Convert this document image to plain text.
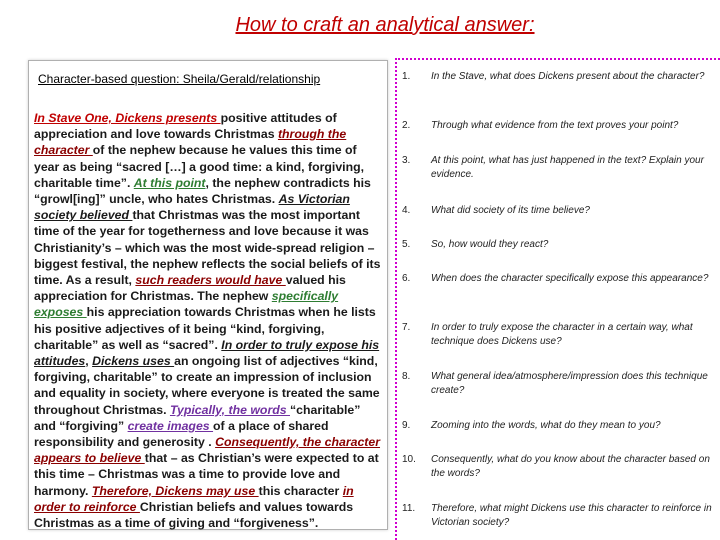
How to craft an analytical answer:
Character-based question: Sheila/Gerald/relationship
In Stave One, Dickens presents positive attitudes of appreciation and love towards Christmas through the character of the nephew because he values this time of year as being “sacred […] a good time: a kind, forgiving, charitable time”. At this point, the nephew contradicts his “growl[ing]” uncle, who hates Christmas. As Victorian society believed that Christmas was the most important time of the year for togetherness and love because it was Christianity’s – which was the most wide-spread religion – biggest festival, the nephew reflects the social beliefs of its time. As a result, such readers would have valued his appreciation for Christmas. The nephew specifically exposes his appreciation towards Christmas when he lists his positive adjectives of it being “kind, forgiving, charitable” as well as “sacred”. In order to truly expose his attitudes, Dickens uses an ongoing list of adjectives “kind, forgiving, charitable” to create an impression of inclusion and equality in society, where everyone is treated the same throughout Christmas. Typically, the words “charitable” and “forgiving” create images of a place of shared responsibility and generosity . Consequently, the character appears to believe that – as Christian’s were expected to at this time – Christmas was a time to provide love and harmony. Therefore, Dickens may use this character in order to reinforce Christian beliefs and values towards Christmas as a time of giving and “forgiveness”.
1. In the Stave, what does Dickens present about the character?
2. Through what evidence from the text proves your point?
3. At this point, what has just happened in the text? Explain your evidence.
4. What did society of its time believe?
5. So, how would they react?
6. When does the character specifically expose this appearance?
7. In order to truly expose the character in a certain way, what technique does Dickens use?
8. What general idea/atmosphere/impression does this technique create?
9. Zooming into the words, what do they mean to you?
10. Consequently, what do you know about the character based on the words?
11. Therefore, what might Dickens use this character to reinforce in Victorian society?
